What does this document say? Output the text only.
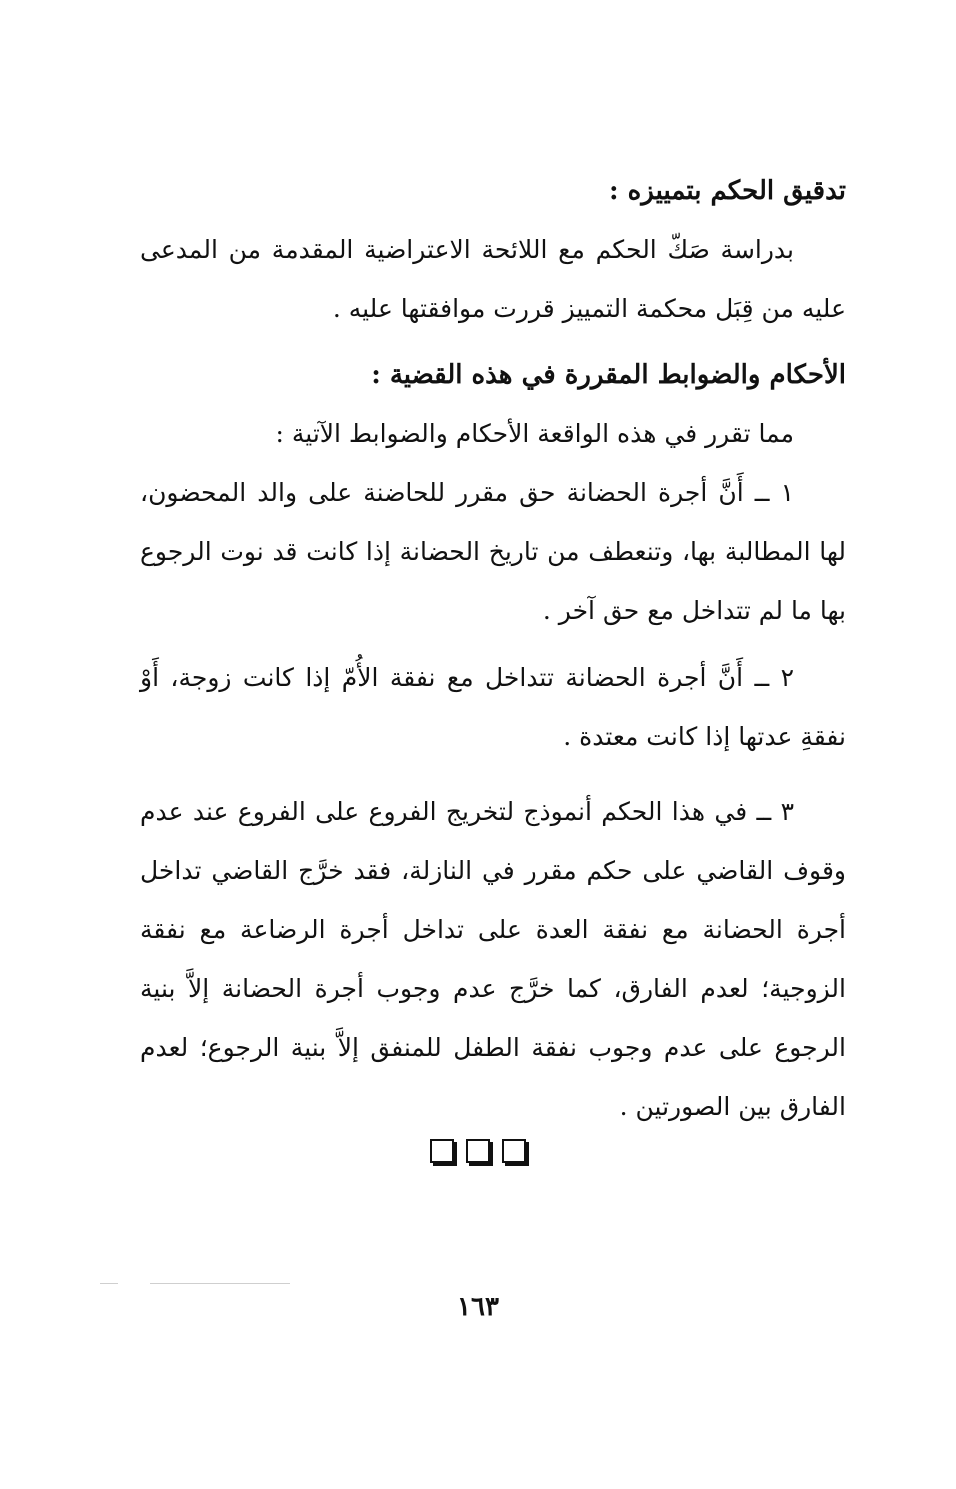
تدقيق الحكم بتمييزه :

بدراسة صَكّ الحكم مع اللائحة الاعتراضية المقدمة من المدعى عليه من قِبَل محكمة التمييز قررت موافقتها عليه .

الأحكام والضوابط المقررة في هذه القضية :

مما تقرر في هذه الواقعة الأحكام والضوابط الآتية :

١ ــ أَنَّ أجرة الحضانة حق مقرر للحاضنة على والد المحضون، لها المطالبة بها، وتنعطف من تاريخ الحضانة إذا كانت قد نوت الرجوع بها ما لم تتداخل مع حق آخر .

٢ ــ أَنَّ أجرة الحضانة تتداخل مع نفقة الأُمّ إذا كانت زوجة، أَوْ نفقةِ عدتها إذا كانت معتدة .

٣ ــ في هذا الحكم أنموذج لتخريج الفروع على الفروع عند عدم وقوف القاضي على حكم مقرر في النازلة، فقد خرَّج القاضي تداخل أجرة الحضانة مع نفقة العدة على تداخل أجرة الرضاعة مع نفقة الزوجية؛ لعدم الفارق، كما خرَّج عدم وجوب أجرة الحضانة إلاَّ بنية الرجوع على عدم وجوب نفقة الطفل للمنفق إلاَّ بنية الرجوع؛ لعدم الفارق بين الصورتين .

١٦٣
